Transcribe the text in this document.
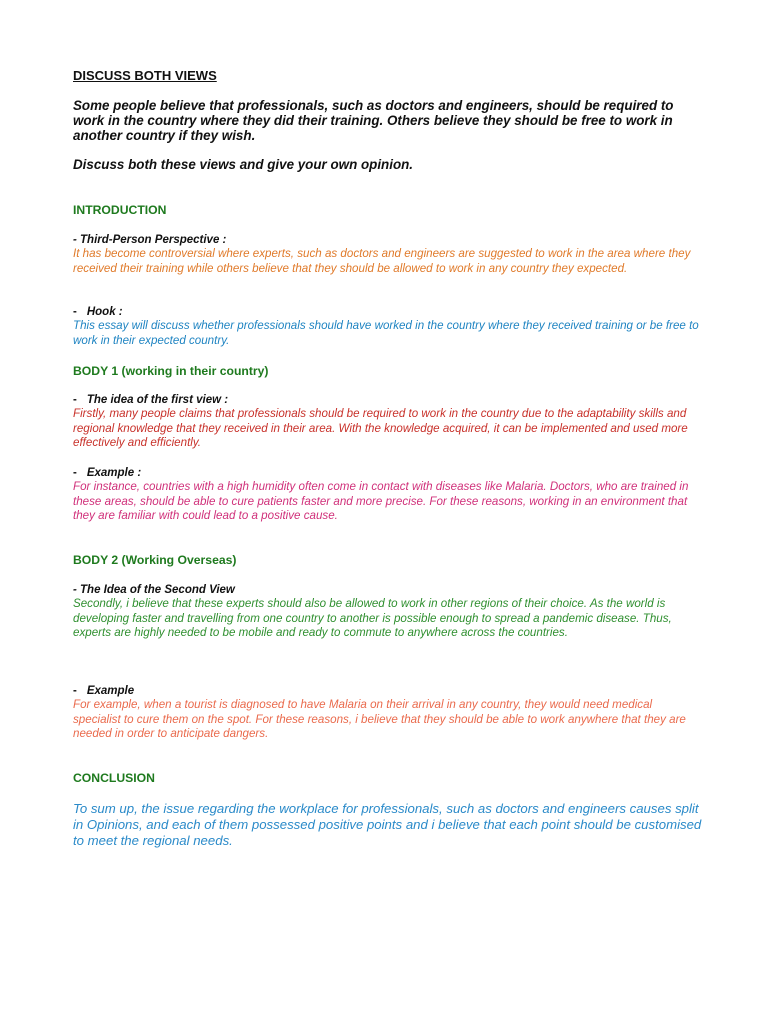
DISCUSS BOTH VIEWS

Some people believe that professionals, such as doctors and engineers, should be required to work in the country where they did their training. Others believe they should be free to work in another country if they wish.

Discuss both these views and give your own opinion.

INTRODUCTION

- Third-Person Perspective :

It has become controversial where experts, such as doctors and engineers are suggested to work in the area where they received their training while others believe that they should be allowed to work in any country they expected.

- Hook :

This essay will discuss whether professionals should have worked in the country where they received training or be free to work in their expected country.

BODY 1 (working in their country)

- The idea of the first view :

Firstly, many people claims that professionals should be required to work in the country due to the adaptability skills and regional knowledge that they received in their area. With the knowledge acquired, it can be implemented and used more effectively and efficiently.

- Example :

For instance, countries with a high humidity often come in contact with diseases like Malaria. Doctors, who are trained in these areas, should be able to cure patients faster and more precise. For these reasons, working in an environment that they are familiar with could lead to a positive cause.

BODY 2 (Working Overseas)

- The Idea of the Second View

Secondly, i believe that these experts should also be allowed to work in other regions of their choice. As the world is developing faster and travelling from one country to another is possible enough to spread a pandemic disease. Thus, experts are highly needed to be mobile and ready to commute to anywhere across the countries.

- Example

For example, when a tourist is diagnosed to have Malaria on their arrival in any country, they would need medical specialist to cure them on the spot. For these reasons, i believe that they should be able to work anywhere that they are needed in order to anticipate dangers.

CONCLUSION

To sum up, the issue regarding the workplace for professionals, such as doctors and engineers causes split in Opinions, and each of them possessed positive points and i believe that each point should be customised to meet the regional needs.
